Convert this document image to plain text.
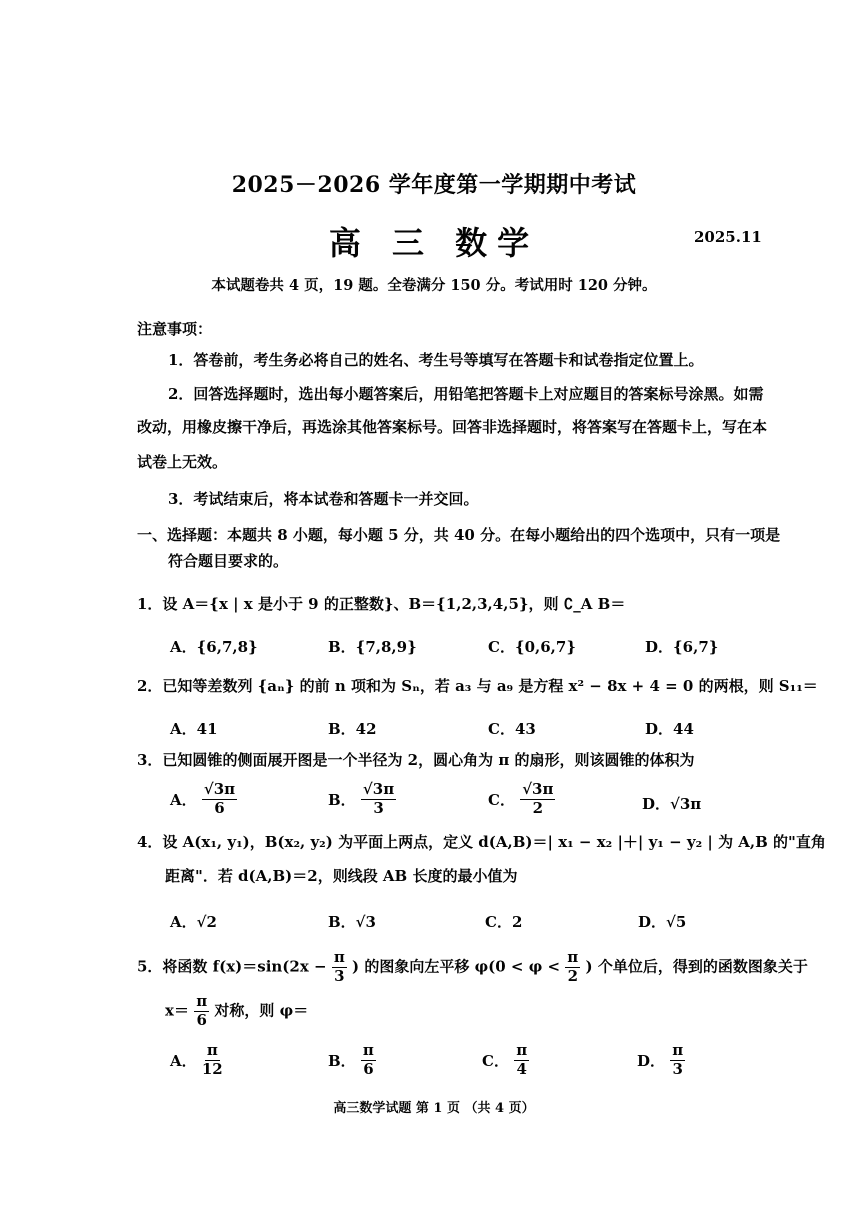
2025－2026 学年度第一学期期中考试
高 三 数学	2025.11
本试题卷共 4 页，19 题。全卷满分 150 分。考试用时 120 分钟。
注意事项：
1．答卷前，考生务必将自己的姓名、考生号等填写在答题卡和试卷指定位置上。
2．回答选择题时，选出每小题答案后，用铅笔把答题卡上对应题目的答案标号涂黑。如需
改动，用橡皮擦干净后，再选涂其他答案标号。回答非选择题时，将答案写在答题卡上，写在本
试卷上无效。
3．考试结束后，将本试卷和答题卡一并交回。
一、选择题：本题共 8 小题，每小题 5 分，共 40 分。在每小题给出的四个选项中，只有一项是
符合题目要求的。
1．设 A＝{x | x 是小于 9 的正整数}、B＝{1,2,3,4,5}，则 ∁_A B＝
A．{6,7,8}	B．{7,8,9}	C．{0,6,7}	D．{6,7}
2．已知等差数列 {aₙ} 的前 n 项和为 Sₙ，若 a₃ 与 a₉ 是方程 x² − 8x + 4 = 0 的两根，则 S₁₁＝
A．41	B．42	C．43	D．44
3．已知圆锥的侧面展开图是一个半径为 2，圆心角为 π 的扇形，则该圆锥的体积为
A． $\frac{√3\pi}{6}$	B． $\frac{√3\pi}{3}$	C． $\frac{√3\pi}{2}$	D．√3π
4．设 A(x₁, y₁)，B(x₂, y₂) 为平面上两点，定义 d(A,B)＝| x₁ − x₂ |＋| y₁ − y₂ | 为 A,B 的"直角
距离"．若 d(A,B)＝2，则线段 AB 长度的最小值为
A．√2	B．√3	C．2	D．√5
5．将函数 $f(x)=\sin(2x - \frac{\pi}{3}$ ) 的图象向左平移 $\varphi(0 < \varphi < \frac{\pi}{2}$ ) 个单位后，得到的函数图象关于
$x= \frac{\pi}{6}$ 对称，则 φ＝
A． $\frac{\pi}{12}$	B． $\frac{\pi}{6}$	C． $\frac{\pi}{4}$	D． $\frac{\pi}{3}$
高三数学试题 第 1 页 （共 4 页）
